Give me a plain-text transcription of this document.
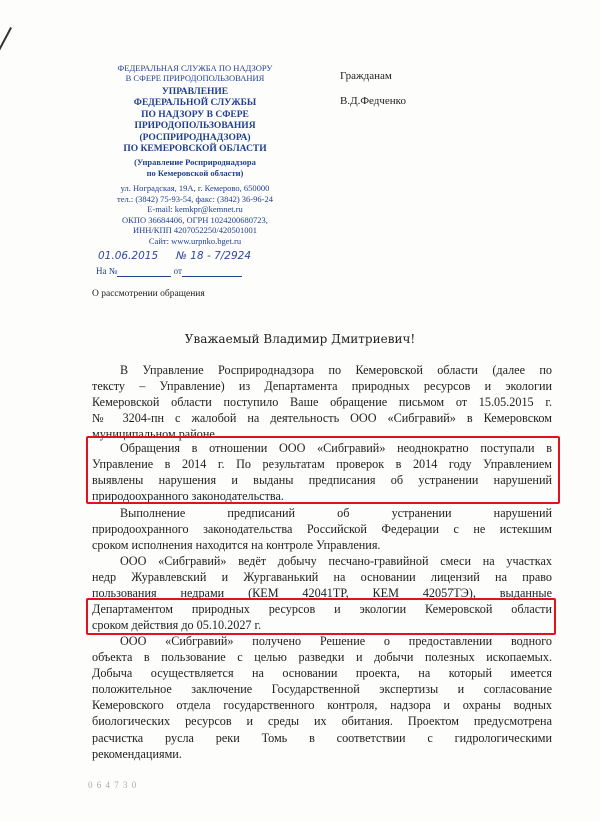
ФЕДЕРАЛЬНАЯ СЛУЖБА ПО НАДЗОРУ
В СФЕРЕ ПРИРОДОПОЛЬЗОВАНИЯ
УПРАВЛЕНИЕ
ФЕДЕРАЛЬНОЙ СЛУЖБЫ
ПО НАДЗОРУ В СФЕРЕ
ПРИРОДОПОЛЬЗОВАНИЯ
(РОСПРИРОДНАДЗОРА)
ПО КЕМЕРОВСКОЙ ОБЛАСТИ
(Управление Росприроднадзора
по Кемеровской области)
ул. Ноградская, 19А, г. Кемерово, 650000
тел.: (3842) 75-93-54, факс: (3842) 36-96-24
E-mail: kemkpr@kemnet.ru
ОКПО 36684406, ОГРН 1024200680723,
ИНН/КПП 4207052250/420501001
Сайт: www.urpnko.bget.ru
01.06.2015 № 18 - 7/2924
На №	от
О рассмотрении обращения
Гражданам
В.Д.Федченко
Уважаемый Владимир Дмитриевич!
В Управление Росприроднадзора по Кемеровской области (далее по
тексту – Управление) из Департамента природных ресурсов и экологии
Кемеровской области поступило Ваше обращение письмом от 15.05.2015 г.
№ 3204-пн с жалобой на деятельность ООО «Сибгравий» в Кемеровском
муниципальном районе.
Обращения в отношении ООО «Сибгравий» неоднократно поступали в
Управление в 2014 г. По результатам проверок в 2014 году Управлением
выявлены нарушения и выданы предписания об устранении нарушений
природоохранного законодательства.
Выполнение предписаний об устранении нарушений
природоохранного законодательства Российской Федерации с не истекшим
сроком исполнения находится на контроле Управления.
ООО «Сибгравий» ведёт добычу песчано-гравийной смеси на участках
недр Журавлевский и Жургаванький на основании лицензий на право
пользования недрами (КЕМ 42041ТР, КЕМ 42057ТЭ), выданные
Департаментом природных ресурсов и экологии Кемеровской области
сроком действия до 05.10.2027 г.
ООО «Сибгравий» получено Решение о предоставлении водного
объекта в пользование с целью разведки и добычи полезных ископаемых.
Добыча осуществляется на основании проекта, на который имеется
положительное заключение Государственной экспертизы и согласование
Кемеровского отдела государственного контроля, надзора и охраны водных
биологических ресурсов и среды их обитания. Проектом предусмотрена
расчистка русла реки Томь в соответствии с гидрологическими
рекомендациями.
0 6 4 7 3 0
